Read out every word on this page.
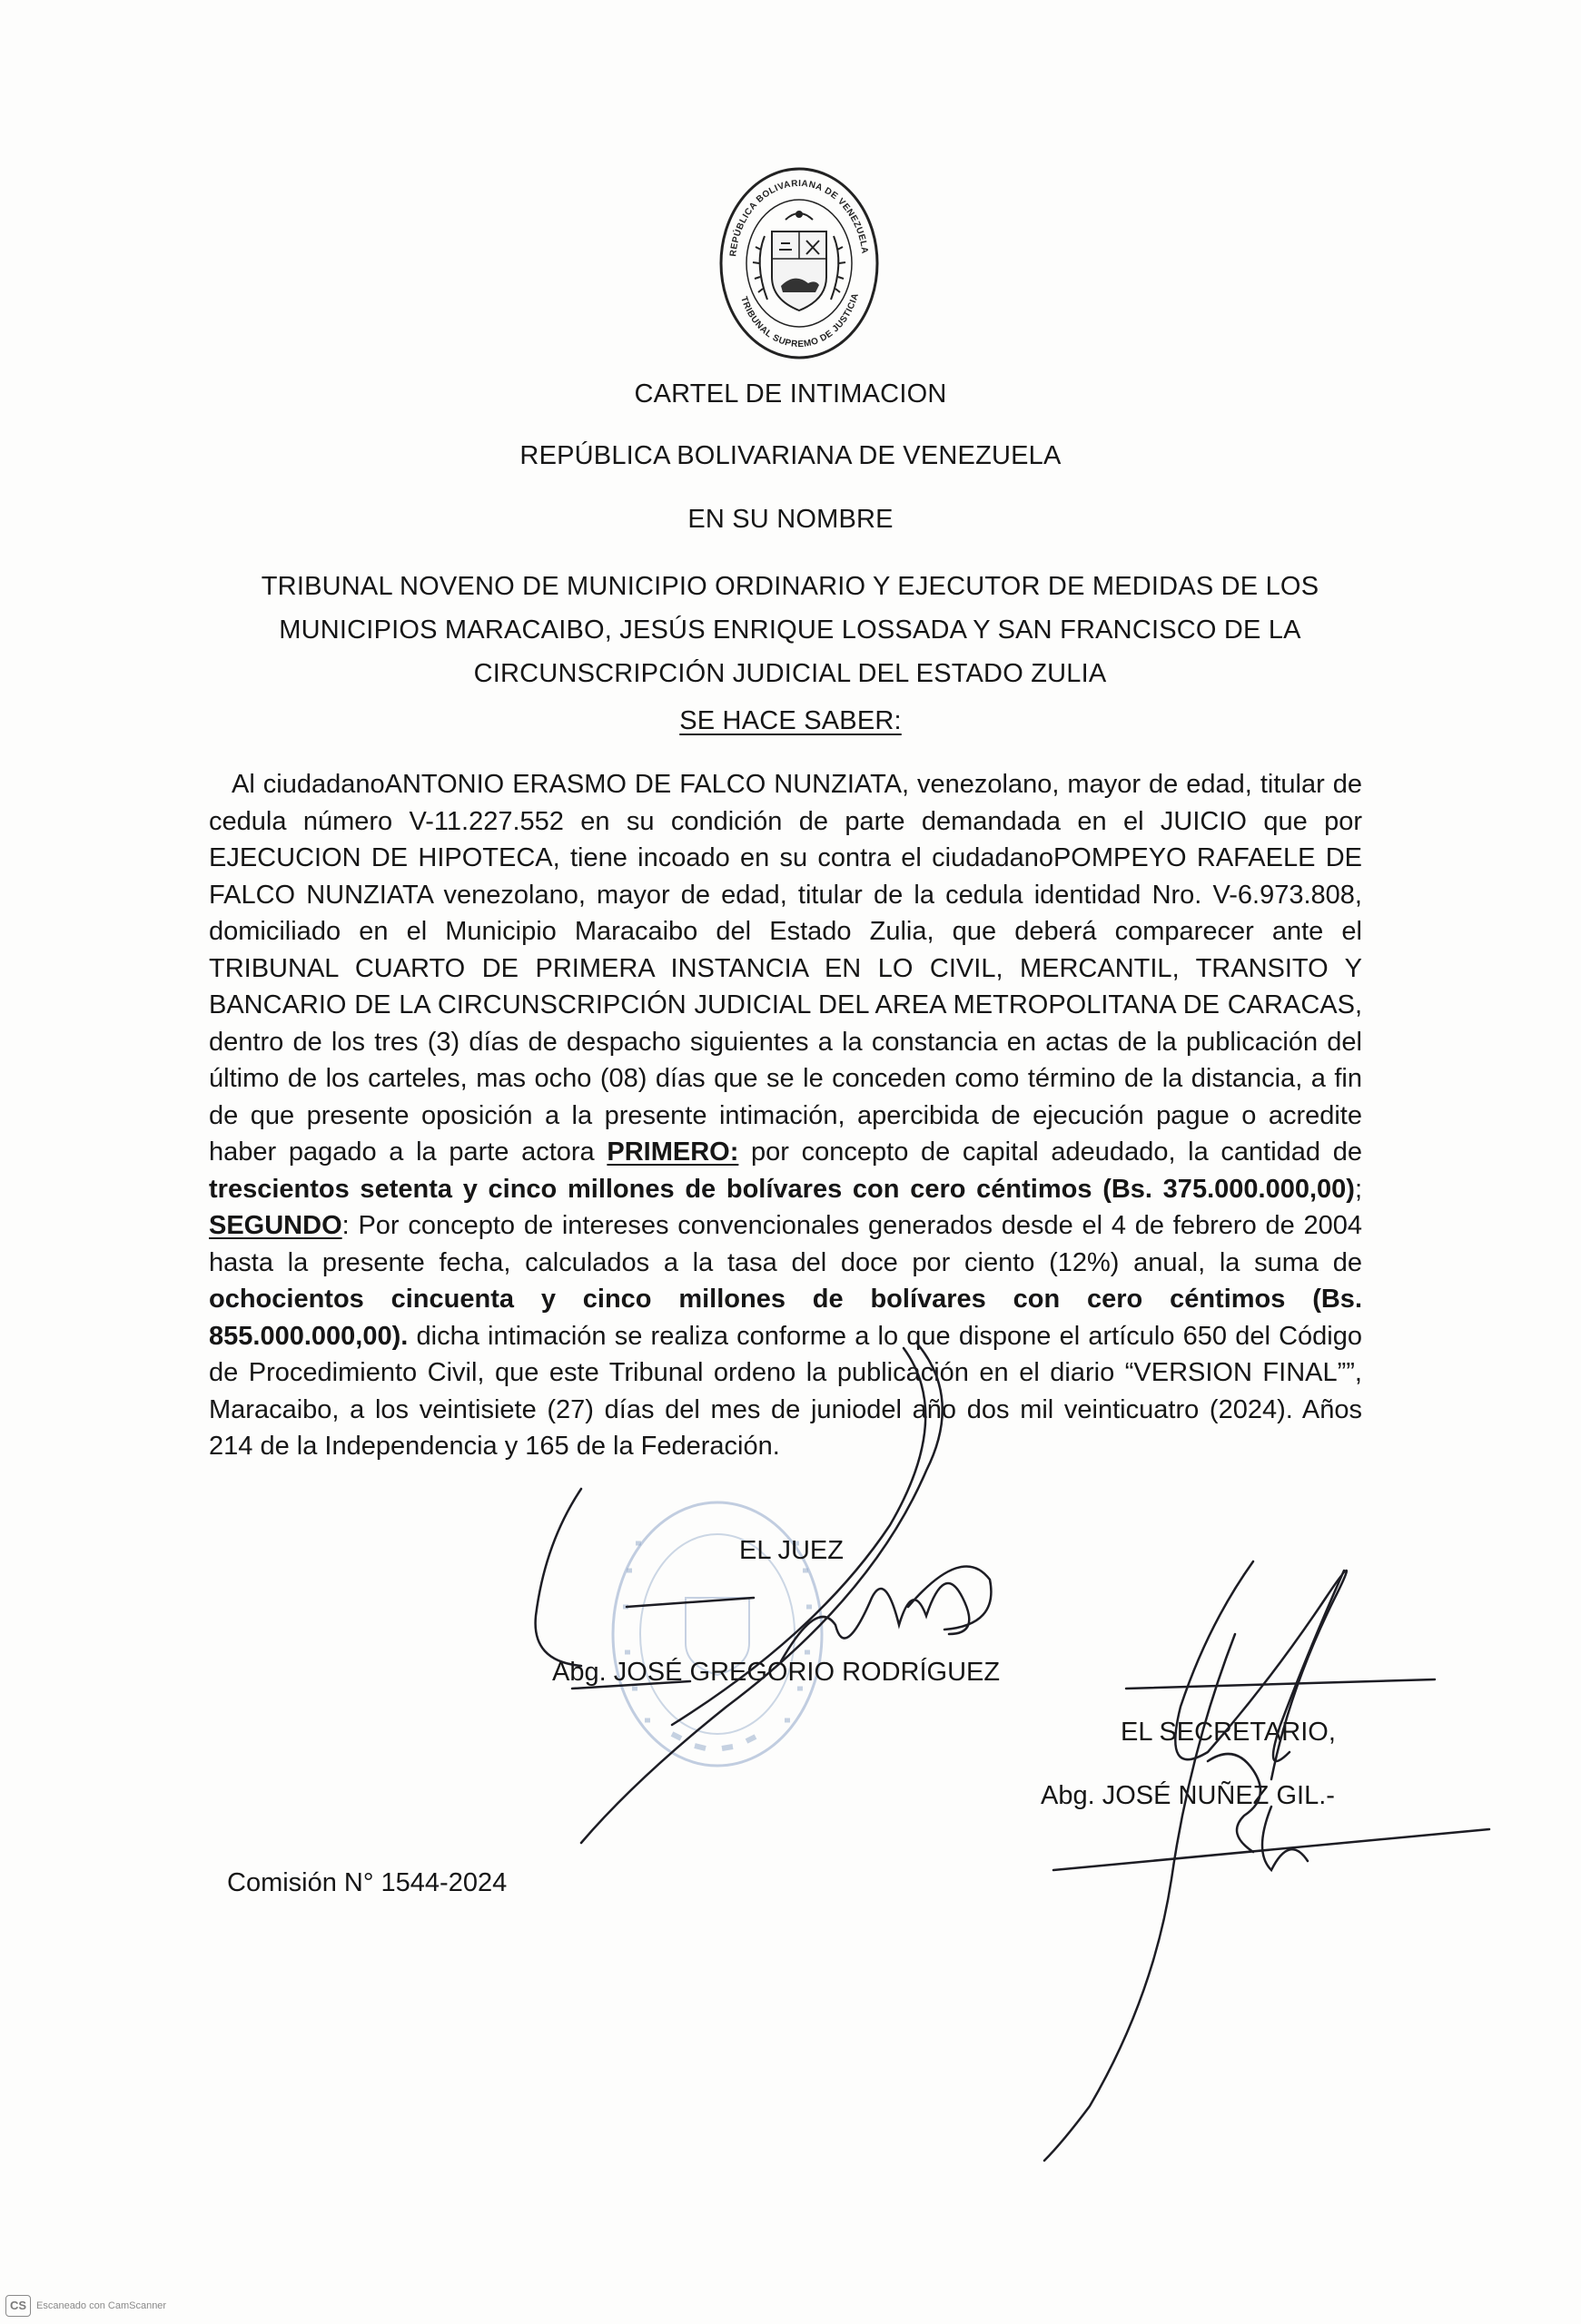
REPÚBLICA BOLIVARIANA DE VENEZUELA
TRIBUNAL SUPREMO DE JUSTICIA
CARTEL DE INTIMACION
REPÚBLICA BOLIVARIANA DE VENEZUELA
EN SU NOMBRE
TRIBUNAL NOVENO DE MUNICIPIO ORDINARIO Y EJECUTOR DE MEDIDAS DE LOS MUNICIPIOS MARACAIBO, JESÚS ENRIQUE LOSSADA Y SAN FRANCISCO DE LA CIRCUNSCRIPCIÓN JUDICIAL DEL ESTADO ZULIA
SE HACE SABER:

Al ciudadanoANTONIO ERASMO DE FALCO NUNZIATA, venezolano, mayor de edad, titular de cedula número V-11.227.552 en su condición de parte demandada en el JUICIO que por EJECUCION DE HIPOTECA, tiene incoado en su contra el ciudadanoPOMPEYO RAFAELE DE FALCO NUNZIATA venezolano, mayor de edad, titular de la cedula identidad Nro. V-6.973.808, domiciliado en el Municipio Maracaibo del Estado Zulia, que deberá comparecer ante el TRIBUNAL CUARTO DE PRIMERA INSTANCIA EN LO CIVIL, MERCANTIL, TRANSITO Y BANCARIO DE LA CIRCUNSCRIPCIÓN JUDICIAL DEL AREA METROPOLITANA DE CARACAS, dentro de los tres (3) días de despacho siguientes a la constancia en actas de la publicación del último de los carteles, mas ocho (08) días que se le conceden como término de la distancia, a fin de que presente oposición a la presente intimación, apercibida de ejecución pague o acredite haber pagado a la parte actora PRIMERO: por concepto de capital adeudado, la cantidad de trescientos setenta y cinco millones de bolívares con cero céntimos (Bs. 375.000.000,00); SEGUNDO: Por concepto de intereses convencionales generados desde el 4 de febrero de 2004 hasta la presente fecha, calculados a la tasa del doce por ciento (12%) anual, la suma de ochocientos cincuenta y cinco millones de bolívares con cero céntimos (Bs. 855.000.000,00). dicha intimación se realiza conforme a lo que dispone el artículo 650 del Código de Procedimiento Civil, que este Tribunal ordeno la publicación en el diario “VERSION FINAL””, Maracaibo, a los veintisiete (27) días del mes de juniodel año dos mil veinticuatro (2024). Años 214 de la Independencia y 165 de la Federación.

EL JUEZ
Abg. JOSÉ GREGORIO RODRÍGUEZ
EL SECRETARIO,
Abg. JOSÉ NUÑEZ GIL.-
Comisión N° 1544-2024
CS Escaneado con CamScanner
